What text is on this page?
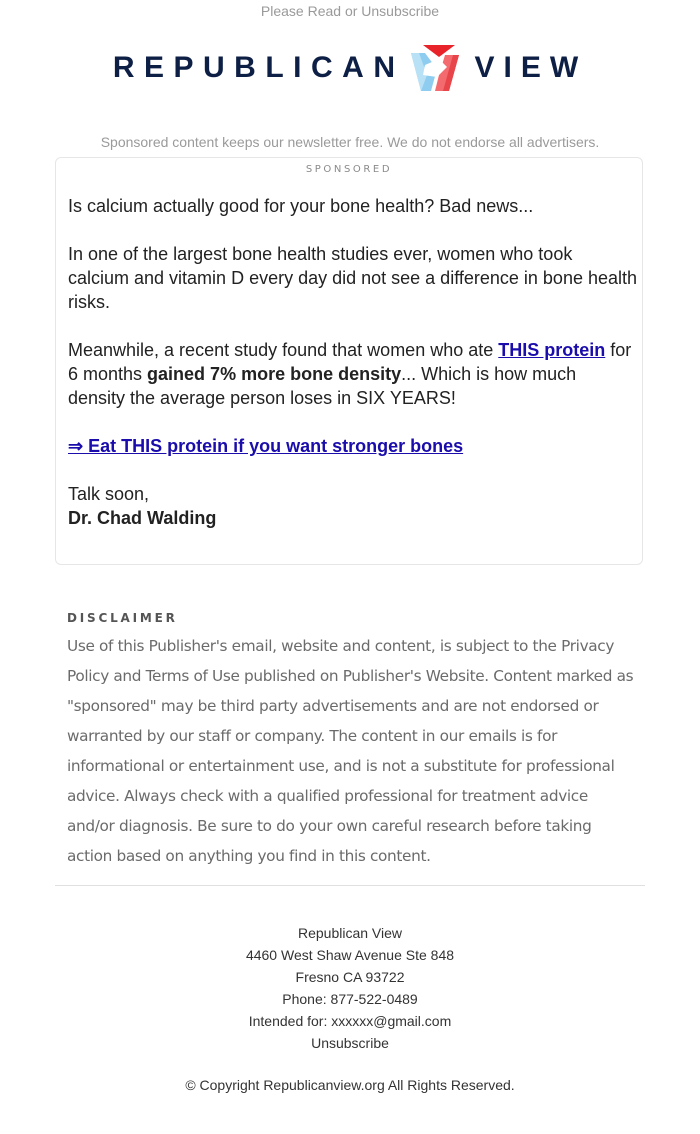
Please Read or Unsubscribe
REPUBLICAN VIEW
Sponsored content keeps our newsletter free. We do not endorse all advertisers.
SPONSORED

Is calcium actually good for your bone health? Bad news...

In one of the largest bone health studies ever, women who took calcium and vitamin D every day did not see a difference in bone health risks.

Meanwhile, a recent study found that women who ate THIS protein for 6 months gained 7% more bone density... Which is how much density the average person loses in SIX YEARS!

⇒ Eat THIS protein if you want stronger bones

Talk soon,
Dr. Chad Walding
DISCLAIMER
Use of this Publisher's email, website and content, is subject to the Privacy Policy and Terms of Use published on Publisher's Website. Content marked as "sponsored" may be third party advertisements and are not endorsed or warranted by our staff or company. The content in our emails is for informational or entertainment use, and is not a substitute for professional advice. Always check with a qualified professional for treatment advice and/or diagnosis. Be sure to do your own careful research before taking action based on anything you find in this content.
Republican View
4460 West Shaw Avenue Ste 848
Fresno CA 93722
Phone: 877-522-0489
Intended for: xxxxxx@gmail.com
Unsubscribe
© Copyright Republicanview.org All Rights Reserved.
